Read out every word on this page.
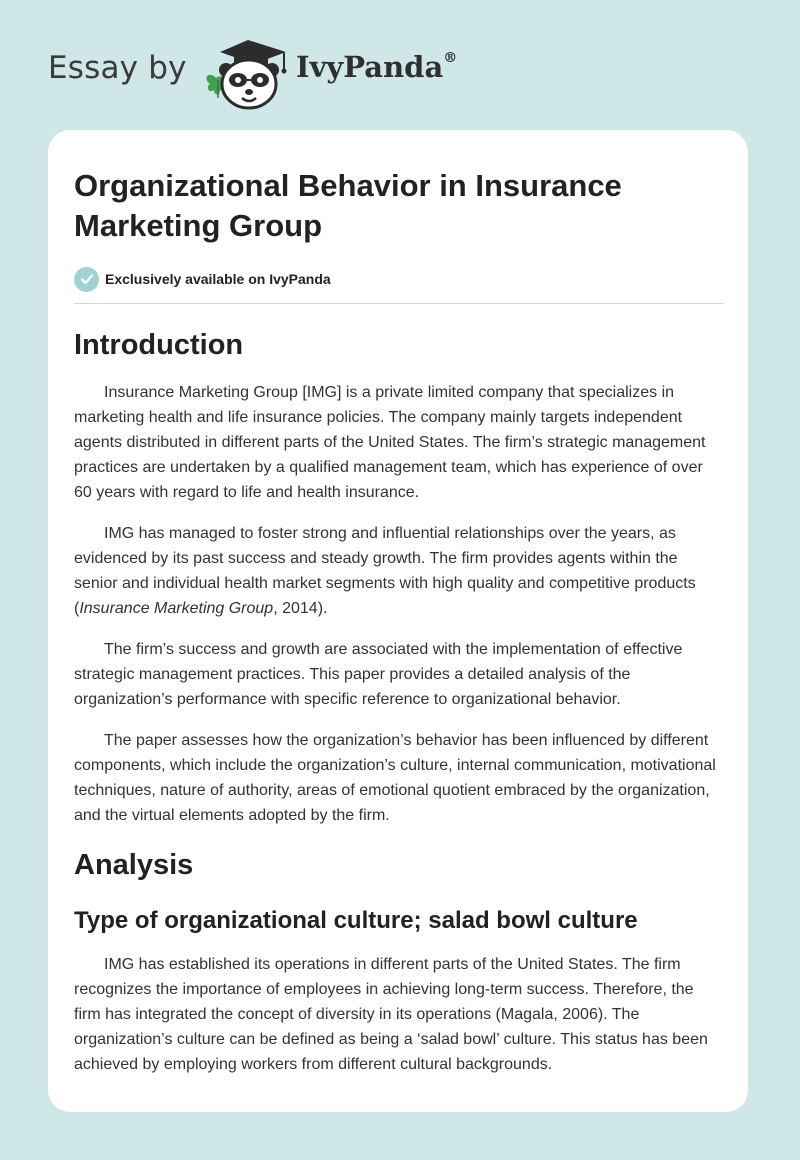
Essay by	IvyPanda®
Organizational Behavior in Insurance Marketing Group
Exclusively available on IvyPanda
Introduction

Insurance Marketing Group [IMG] is a private limited company that specializes in marketing health and life insurance policies. The company mainly targets independent agents distributed in different parts of the United States. The firm’s strategic management practices are undertaken by a qualified management team, which has experience of over 60 years with regard to life and health insurance.

IMG has managed to foster strong and influential relationships over the years, as evidenced by its past success and steady growth. The firm provides agents within the senior and individual health market segments with high quality and competitive products (Insurance Marketing Group, 2014).

The firm’s success and growth are associated with the implementation of effective strategic management practices. This paper provides a detailed analysis of the organization’s performance with specific reference to organizational behavior.

The paper assesses how the organization’s behavior has been influenced by different components, which include the organization’s culture, internal communication, motivational techniques, nature of authority, areas of emotional quotient embraced by the organization, and the virtual elements adopted by the firm.

Analysis
Type of organizational culture; salad bowl culture

IMG has established its operations in different parts of the United States. The firm recognizes the importance of employees in achieving long-term success. Therefore, the firm has integrated the concept of diversity in its operations (Magala, 2006). The organization’s culture can be defined as being a ‘salad bowl’ culture. This status has been achieved by employing workers from different cultural backgrounds.
